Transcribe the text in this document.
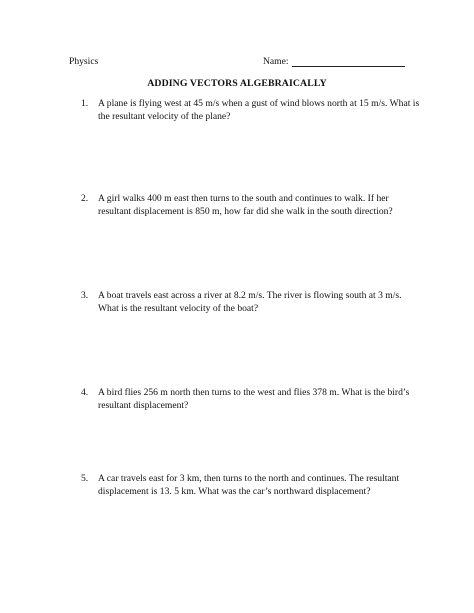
Physics	Name:
ADDING VECTORS ALGEBRAICALLY
1. A plane is flying west at 45 m/s when a gust of wind blows north at 15 m/s. What is the resultant velocity of the plane?
2. A girl walks 400 m east then turns to the south and continues to walk. If her resultant displacement is 850 m, how far did she walk in the south direction?
3. A boat travels east across a river at 8.2 m/s. The river is flowing south at 3 m/s. What is the resultant velocity of the boat?
4. A bird flies 256 m north then turns to the west and flies 378 m. What is the bird’s resultant displacement?
5. A car travels east for 3 km, then turns to the north and continues. The resultant displacement is 13. 5 km. What was the car’s northward displacement?
